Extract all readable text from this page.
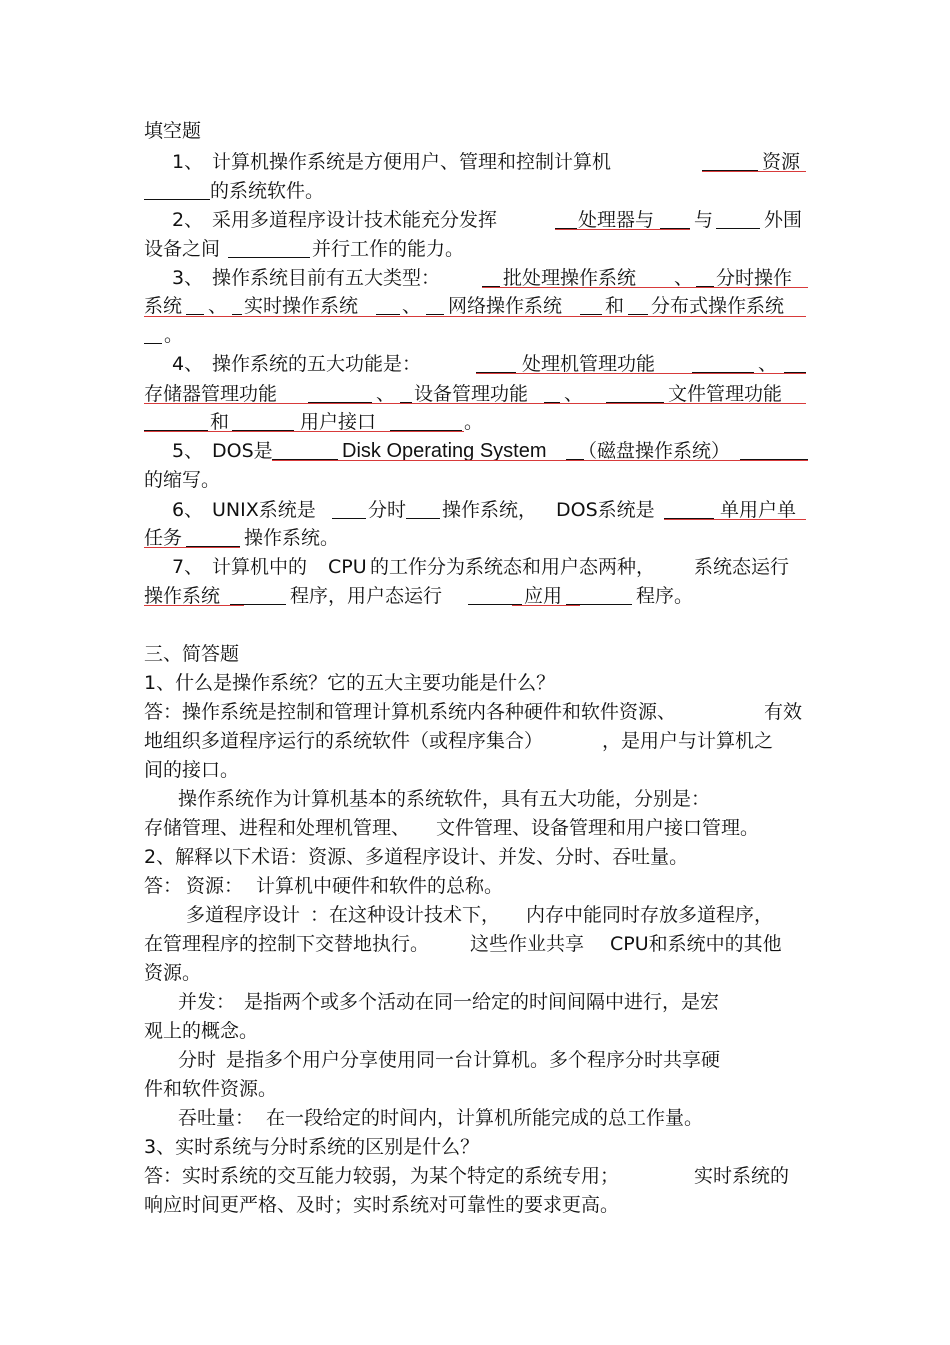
填空题
1、 计算机操作系统是方便用户、管理和控制计算机	资源
的系统软件。
2、 采用多道程序设计技术能充分发挥	处理器与 与	外围
设备之间	并行工作的能力。
3、 操作系统目前有五大类型：	批处理操作系统 、 分时操作
系统 、 实时操作系统 、 网络操作系统 和 分布式操作系统
。
4、 操作系统的五大功能是：	处理机管理功能	、
存储器管理功能	、 设备管理功能 、	文件管理功能
和	用户接口	。
5、 DOS是	Disk Operating System （磁盘操作系统）
的缩写。
6、 UNIX系统是	分时 操作系统， DOS系统是	单用户单
任务	操作系统。
7、 计算机中的 CPU 的工作分为系统态和用户态两种， 系统态运行
操作系统	程序，用户态运行	应用	程序。
三、简答题
1、什么是操作系统？它的五大主要功能是什么？
答：操作系统是控制和管理计算机系统内各种硬件和软件资源、	有效
地组织多道程序运行的系统软件（或程序集合）	，是用户与计算机之
间的接口。
操作系统作为计算机基本的系统软件，具有五大功能，分别是：
存储管理、进程和处理机管理、 文件管理、设备管理和用户接口管理。
2、解释以下术语：资源、多道程序设计、并发、分时、吞吐量。
答： 资源： 计算机中硬件和软件的总称。
多道程序设计 ：在这种设计技术下， 内存中能同时存放多道程序，
在管理程序的控制下交替地执行。 这些作业共享 CPU和系统中的其他
资源。
并发： 是指两个或多个活动在同一给定的时间间隔中进行，是宏
观上的概念。
分时 是指多个用户分享使用同一台计算机。多个程序分时共享硬
件和软件资源。
吞吐量： 在一段给定的时间内，计算机所能完成的总工作量。
3、实时系统与分时系统的区别是什么？
答：实时系统的交互能力较弱，为某个特定的系统专用；	实时系统的
响应时间更严格、及时；实时系统对可靠性的要求更高。
